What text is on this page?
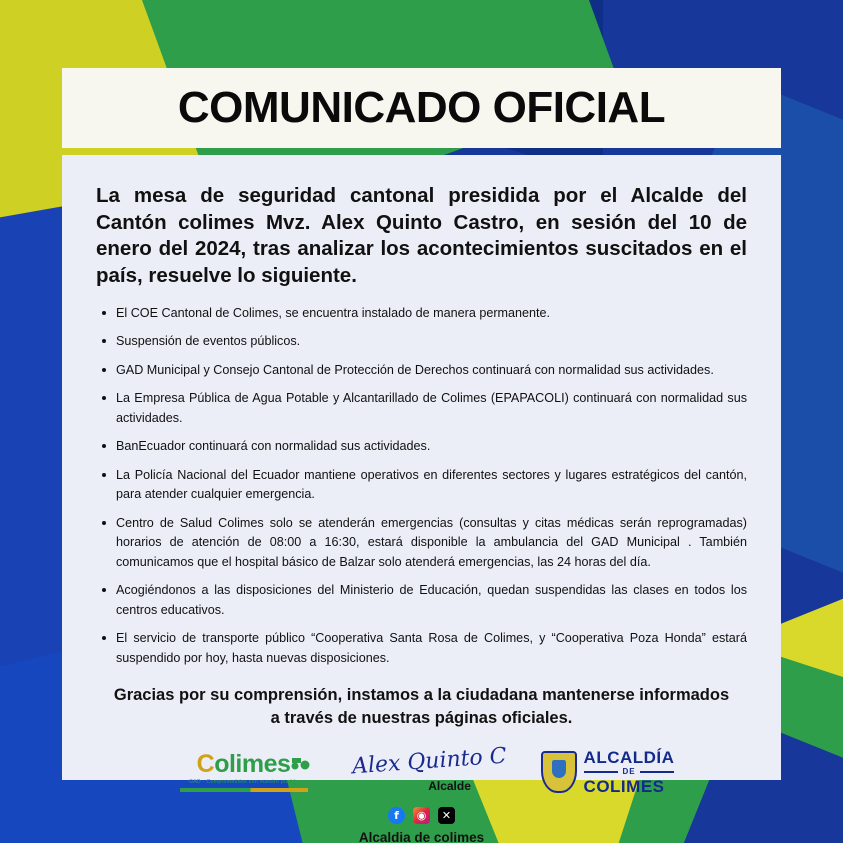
COMUNICADO OFICIAL

La mesa de seguridad cantonal presidida por el Alcalde del Cantón colimes Mvz. Alex Quinto Castro, en sesión del 10 de enero del 2024, tras analizar los acontecimientos suscitados en el país, resuelve lo siguiente.

El COE Cantonal de Colimes, se encuentra instalado de manera permanente.
Suspensión de eventos públicos.
GAD Municipal y Consejo Cantonal de Protección de Derechos continuará con normalidad sus actividades.
La Empresa Pública de Agua Potable y Alcantarillado de Colimes (EPAPACOLI) continuará con normalidad sus actividades.
BanEcuador continuará con normalidad sus actividades.
La Policía Nacional del Ecuador mantiene operativos en diferentes sectores y lugares estratégicos del cantón, para atender cualquier emergencia.
Centro de Salud Colimes solo se atenderán emergencias (consultas y citas médicas serán reprogramadas) horarios de atención de 08:00 a 16:30, estará disponible la ambulancia del GAD Municipal . También comunicamos que el hospital básico de Balzar solo atenderá emergencias, las 24 horas del día.
Acogiéndonos a las disposiciones del Ministerio de Educación, quedan suspendidas las clases en todos los centros educativos.
El servicio de transporte público “Cooperativa Santa Rosa de Colimes, y “Cooperativa Poza Honda” estará suspendido por hoy, hasta nuevas disposiciones.
Gracias por su comprensión, instamos a la ciudadana mantenerse informados
a través de nuestras páginas oficiales.
Colimes
GAD - Comprometidos con nuestro pueblo
Alex Quinto C
Alcalde
ALCALDÍA
DE
COLIMES
f	◉	✕
Alcaldia de colimes
